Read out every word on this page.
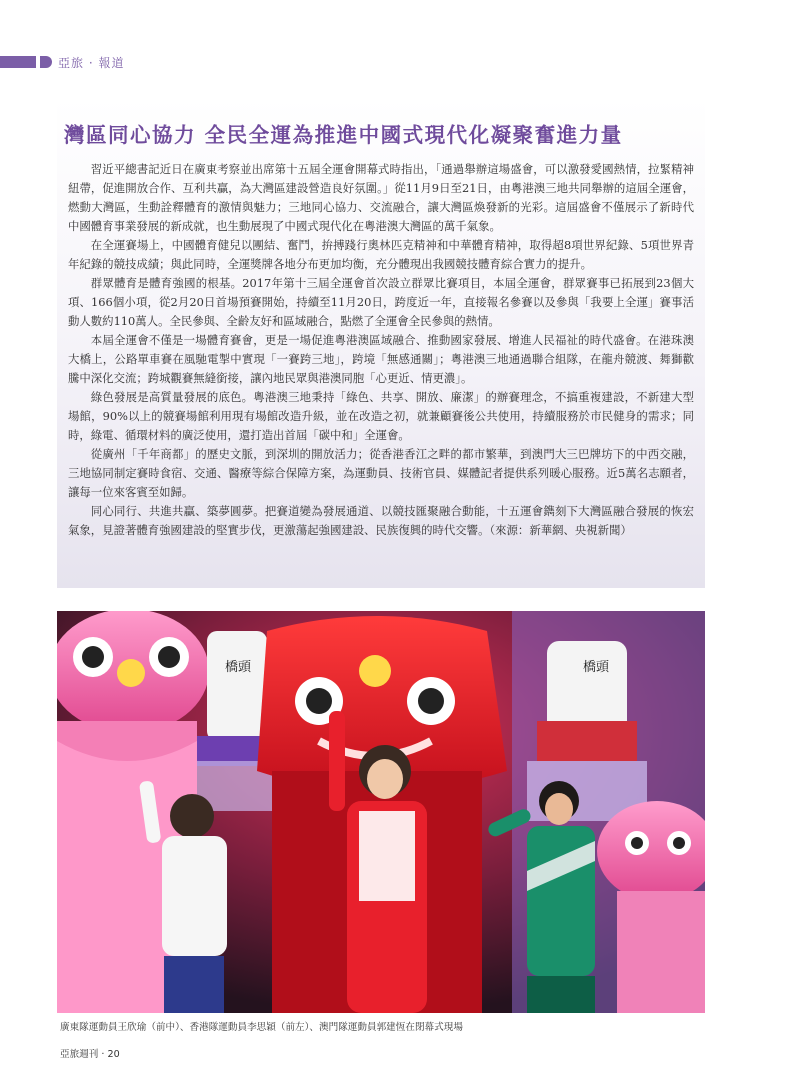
亞旅 · 報道
灣區同心協力 全民全運為推進中國式現代化凝聚奮進力量

習近平總書記近日在廣東考察並出席第十五屆全運會開幕式時指出，「通過舉辦這場盛會，可以激發愛國熱情，拉緊精神紐帶，促進開放合作、互利共贏，為大灣區建設營造良好氛圍。」從11月9日至21日，由粵港澳三地共同舉辦的這屆全運會，燃動大灣區，生動詮釋體育的激情與魅力；三地同心協力、交流融合，讓大灣區煥發新的光彩。這屆盛會不僅展示了新時代中國體育事業發展的新成就，也生動展現了中國式現代化在粵港澳大灣區的萬千氣象。

在全運賽場上，中國體育健兒以團結、奮鬥，拚搏踐行奧林匹克精神和中華體育精神，取得超8項世界紀錄、5項世界青年紀錄的競技成績；與此同時，全運獎牌各地分布更加均衡，充分體現出我國競技體育綜合實力的提升。

群眾體育是體育強國的根基。2017年第十三屆全運會首次設立群眾比賽項目，本屆全運會，群眾賽事已拓展到23個大項、166個小項，從2月20日首場預賽開始，持續至11月20日，跨度近一年，直接報名參賽以及參與「我要上全運」賽事活動人數約110萬人。全民參與、全齡友好和區域融合，點燃了全運會全民參與的熱情。

本屆全運會不僅是一場體育賽會，更是一場促進粵港澳區域融合、推動國家發展、增進人民福祉的時代盛會。在港珠澳大橋上，公路單車賽在風馳電掣中實現「一賽跨三地」，跨境「無感通關」；粵港澳三地通過聯合組隊，在龍舟競渡、舞獅歡騰中深化交流；跨城觀賽無縫銜接，讓內地民眾與港澳同胞「心更近、情更濃」。

綠色發展是高質量發展的底色。粵港澳三地秉持「綠色、共享、開放、廉潔」的辦賽理念，不搞重複建設，不新建大型場館，90%以上的競賽場館利用現有場館改造升級，並在改造之初，就兼顧賽後公共使用，持續服務於市民健身的需求；同時，綠電、循環材料的廣泛使用，還打造出首屆「碳中和」全運會。

從廣州「千年商都」的歷史文脈，到深圳的開放活力；從香港香江之畔的都市繁華，到澳門大三巴牌坊下的中西交融，三地協同制定賽時食宿、交通、醫療等綜合保障方案，為運動員、技術官員、媒體記者提供系列暖心服務。近5萬名志願者，讓每一位來客賓至如歸。

同心同行、共進共贏、築夢圓夢。把賽道變為發展通道、以競技匯聚融合動能，十五運會鐫刻下大灣區融合發展的恢宏氣象，見證著體育強國建設的堅實步伐，更激蕩起強國建設、民族復興的時代交響。（來源：新華網、央視新聞）

橋頭	橋頭
廣東隊運動員王欣瑜（前中）、香港隊運動員李思穎（前左）、澳門隊運動員郭建恆在閉幕式現場
亞旅週刊 · 20
